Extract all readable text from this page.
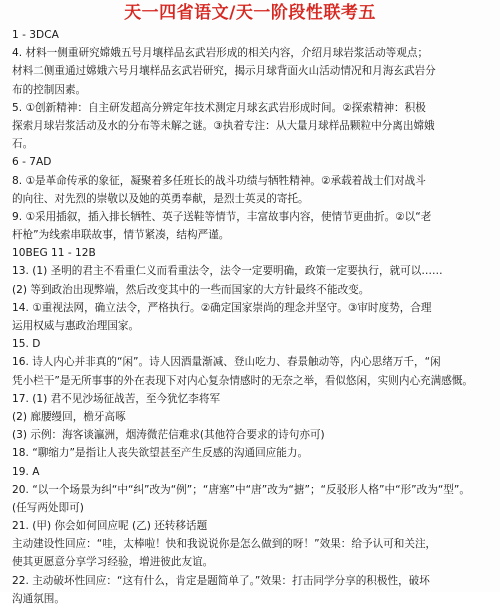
天一四省语文/天一阶段性联考五
1 - 3DCA
4. 材料一侧重研究嫦娥五号月壤样品玄武岩形成的相关内容，介绍月球岩浆活动等观点；
材料二侧重通过嫦娥六号月壤样品玄武岩研究，揭示月球背面火山活动情况和月海玄武岩分
布的控制因素。
5. ①创新精神：自主研发超高分辨定年技术测定月球玄武岩形成时间。②探索精神：积极
探索月球岩浆活动及水的分布等未解之谜。③执着专注：从大量月球样品颗粒中分离出嫦娥
石。
6 - 7AD
8. ①是革命传承的象征，凝聚着多任班长的战斗功绩与牺牲精神。②承载着战士们对战斗
的向往、对先烈的崇敬以及她的英勇奉献，是烈士英灵的寄托。
9. ①采用插叙，插入排长牺牲、英子送鞋等情节，丰富故事内容，使情节更曲折。②以“老
杆枪”为线索串联故事，情节紧凑，结构严谨。
10BEG 11 - 12B
13. (1) 圣明的君主不看重仁义而看重法令，法令一定要明确，政策一定要执行，就可以……
(2) 等到政治出现弊端，然后改变其中的一些而国家的大方针最终不能改变。
14. ①重视法网，确立法令，严格执行。②确定国家崇尚的理念并坚守。③审时度势，合理
运用权威与惠政治理国家。
15. D
16. 诗人内心并非真的“闲”。诗人因酒量渐减、登山吃力、春景触动等，内心思绪万千，“闲
凭小栏干”是无所事事的外在表现下对内心复杂情感时的无奈之举，看似悠闲，实则内心充满感慨。
17. (1) 君不见沙场征战苦，至今犹忆李将军
(2) 廊腰缦回，檐牙高啄
(3) 示例：海客谈瀛洲，烟涛微茫信难求(其他符合要求的诗句亦可)
18. “聊缩力”是指让人丧失欲望甚至产生反感的沟通回应能力。
19. A
20. “以一个场景为纠“中“纠”改为“例”；“唐塞”中“唐”改为“搪”；“反驳形人格”中“形”改为“型”。
(任写两处即可)
21. (甲) 你会如何回应呢 (乙) 还转移话题
主动建设性回应：“哇，太棒啦！快和我说说你是怎么做到的呀！”效果：给予认可和关注，
使其更愿意分享学习经验，增进彼此友谊。
22. 主动破坏性回应：“这有什么，肯定是题简单了。”效果：打击同学分享的积极性，破坏
沟通氛围。
